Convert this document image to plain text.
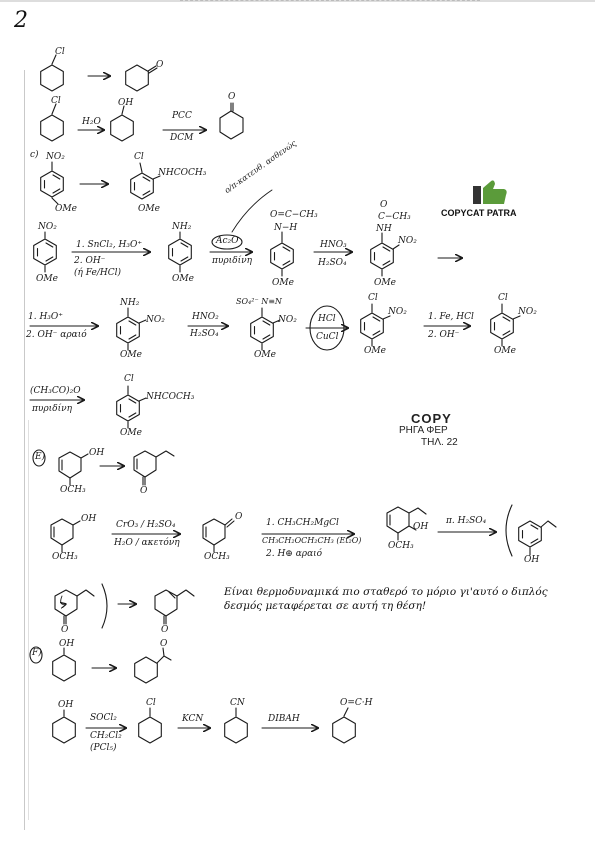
2
COPYCAT PATRA
COPY
ΡΗΓΑ ΦΕΡ
ΤΗΛ. 22
Cl
O
Cl
H₂O
OH
PCC
DCM
O
c) NO₂
OMe
Cl
NHCOCH₃
OMe
NO₂
OMe
1. SnCl₂, H₃O⁺
2. OH⁻
(ή Fe/HCl)
NH₂
OMe
Ac₂O
πυριδίνη
ο/π-κατευθ. ασθενώς
O=C−CH₃
N−H
OMe
HNO₃
H₂SO₄
O
C−CH₃
NH
NO₂
OMe
1. H₃O⁺
2. OH⁻ αραιό
NH₂
NO₂
OMe
HNO₂
H₂SO₄
SO₄²⁻ N≡N
NO₂
OMe
HCl
CuCl
Cl
NO₂
OMe
1. Fe, HCl
2. OH⁻
Cl
NO₂
OMe
(CH₃CO)₂O
πυριδίνη
Cl
NHCOCH₃
OMe
E)	OH
OCH₃	O
OH
OCH₃
CrO₃ / H₂SO₄
H₂O / ακετόνη
O
OCH₃
1. CH₃CH₂MgCl
CH₃CH₂OCH₂CH₃ (Et₂O)
2. H⊕ αραιό
OH
OCH₃
π. H₂SO₄
OH
O	O
Είναι θερμοδυναμικά πιο σταθερό το μόριο γι'αυτό ο διπλός δεσμός μεταφέρεται σε αυτή τη θέση!
F)
OH	O
OH
SOCl₂
CH₂Cl₂
(PCl₅)
Cl
KCN
CN
DIBAH
O=C·H
